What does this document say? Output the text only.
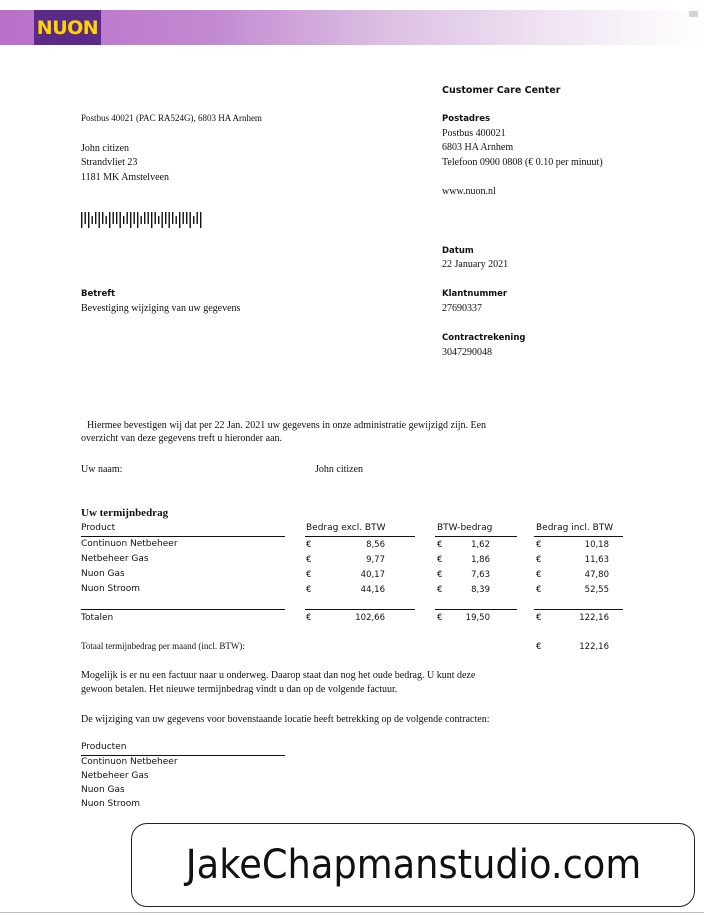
NUON
Postbus 40021 (PAC RA524G), 6803 HA Arnhem
John citizen
Strandvliet 23
1181 MK Amstelveen
Customer Care Center
Postadres
Postbus 400021
6803 HA Arnhem
Telefoon 0900 0808 (€ 0.10 per minuut)
www.nuon.nl
Datum
22 January 2021
Klantnummer
27690337
Contractrekening
3047290048
Betreft
Bevestiging wijziging van uw gegevens
Hiermee bevestigen wij dat per 22 Jan. 2021 uw gegevens in onze administratie gewijzigd zijn. Een
overzicht van deze gegevens treft u hieronder aan.
Uw naam:	John citizen
Uw termijnbedrag
Product	Bedrag excl. BTW	BTW-bedrag	Bedrag incl. BTW
Continuon Netbeheer	€	8,56	€	1,62	€	10,18
Netbeheer Gas	€	9,77	€	1,86	€	11,63
Nuon Gas	€	40,17	€	7,63	€	47,80
Nuon Stroom	€	44,16	€	8,39	€	52,55
Totalen	€	102,66	€	19,50	€	122,16
Totaal termijnbedrag per maand (incl. BTW):	€	122,16
Mogelijk is er nu een factuur naar u onderweg. Daarop staat dan nog het oude bedrag. U kunt deze
gewoon betalen. Het nieuwe termijnbedrag vindt u dan op de volgende factuur.
De wijziging van uw gegevens voor bovenstaande locatie heeft betrekking op de volgende contracten:
Producten
Continuon Netbeheer
Netbeheer Gas
Nuon Gas
Nuon Stroom
JakeChapmanstudio.com
